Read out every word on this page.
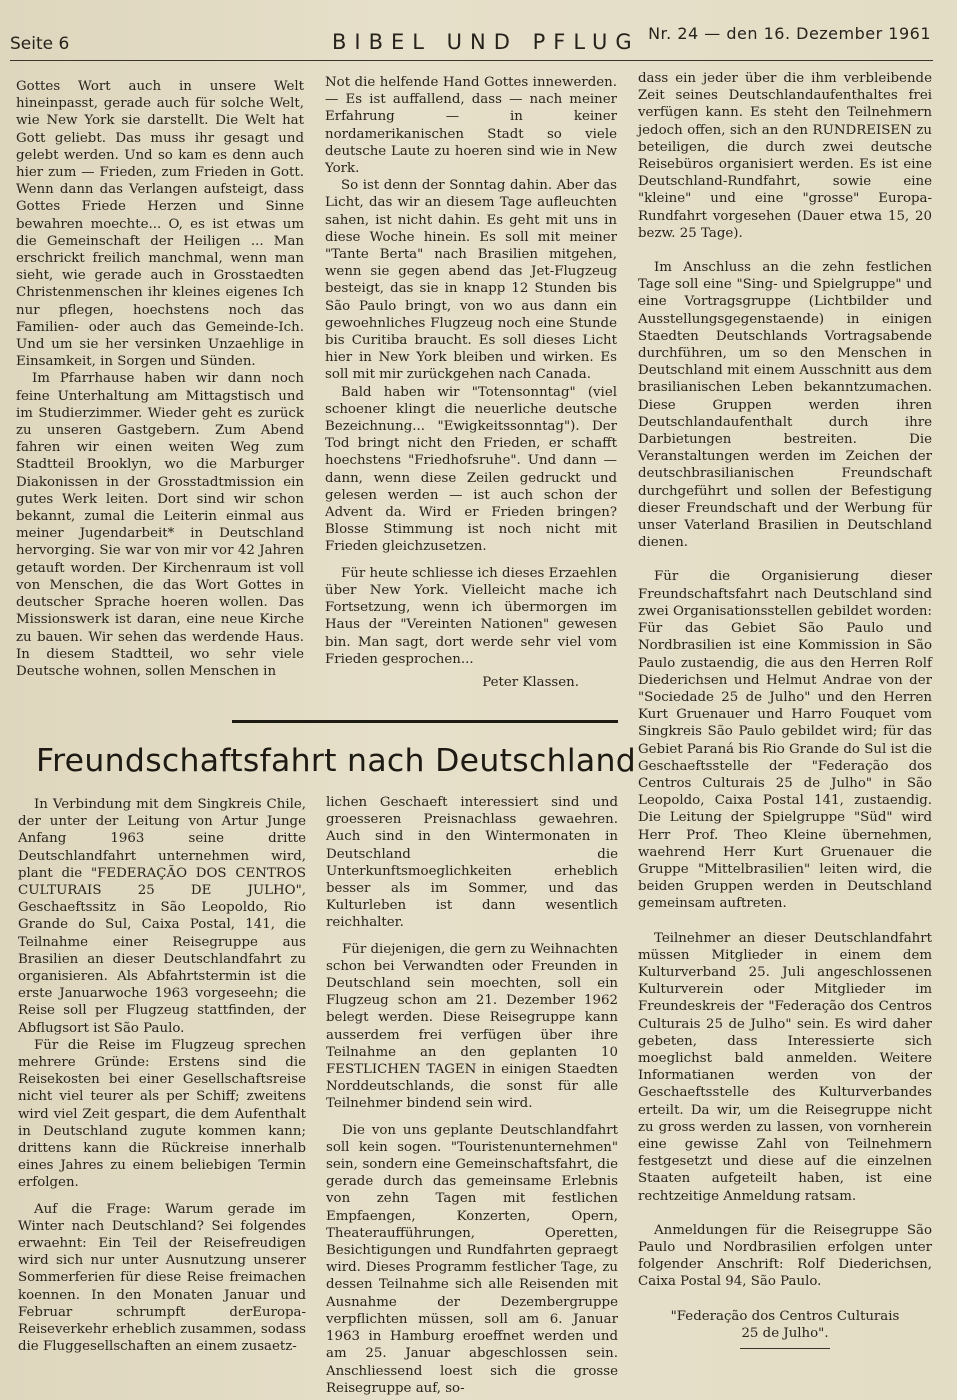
Seite 6	BIBEL UND PFLUG Nr. 24 — den 16. Dezember 1961

Gottes Wort auch in unsere Welt hineinpasst, gerade auch für solche Welt, wie New York sie darstellt. Die Welt hat Gott geliebt. Das muss ihr gesagt und gelebt werden. Und so kam es denn auch hier zum — Frieden, zum Frieden in Gott. Wenn dann das Verlangen aufsteigt, dass Gottes Friede Herzen und Sinne bewahren moechte... O, es ist etwas um die Gemeinschaft der Heiligen ... Man erschrickt freilich manchmal, wenn man sieht, wie gerade auch in Grosstaedten Christenmenschen ihr kleines eigenes Ich nur pflegen, hoechstens noch das Familien- oder auch das Gemeinde-Ich. Und um sie her versinken Unzaehlige in Einsamkeit, in Sorgen und Sünden.

Im Pfarrhause haben wir dann noch feine Unterhaltung am Mittagstisch und im Studierzimmer. Wieder geht es zurück zu unseren Gastgebern. Zum Abend fahren wir einen weiten Weg zum Stadtteil Brooklyn, wo die Marburger Diakonissen in der Grosstadtmission ein gutes Werk leiten. Dort sind wir schon bekannt, zumal die Leiterin einmal aus meiner Jugendarbeit* in Deutschland hervorging. Sie war von mir vor 42 Jahren getauft worden. Der Kirchenraum ist voll von Menschen, die das Wort Gottes in deutscher Sprache hoeren wollen. Das Missionswerk ist daran, eine neue Kirche zu bauen. Wir sehen das werdende Haus. In diesem Stadtteil, wo sehr viele Deutsche wohnen, sollen Menschen in

Not die helfende Hand Gottes innewerden. — Es ist auffallend, dass — nach meiner Erfahrung — in keiner nordamerikanischen Stadt so viele deutsche Laute zu hoeren sind wie in New York.

So ist denn der Sonntag dahin. Aber das Licht, das wir an diesem Tage aufleuchten sahen, ist nicht dahin. Es geht mit uns in diese Woche hinein. Es soll mit meiner "Tante Berta" nach Brasilien mitgehen, wenn sie gegen abend das Jet-Flugzeug besteigt, das sie in knapp 12 Stunden bis São Paulo bringt, von wo aus dann ein gewoehnliches Flugzeug noch eine Stunde bis Curitiba braucht. Es soll dieses Licht hier in New York bleiben und wirken. Es soll mit mir zurückgehen nach Canada.

Bald haben wir "Totensonntag" (viel schoener klingt die neuerliche deutsche Bezeichnung... "Ewigkeitssonntag"). Der Tod bringt nicht den Frieden, er schafft hoechstens "Friedhofsruhe". Und dann — dann, wenn diese Zeilen gedruckt und gelesen werden — ist auch schon der Advent da. Wird er Frieden bringen? Blosse Stimmung ist noch nicht mit Frieden gleichzusetzen.

Für heute schliesse ich dieses Erzaehlen über New York. Vielleicht mache ich Fortsetzung, wenn ich übermorgen im Haus der "Vereinten Nationen" gewesen bin. Man sagt, dort werde sehr viel vom Frieden gesprochen...

Peter Klassen.
Freundschaftsfahrt nach Deutschland

In Verbindung mit dem Singkreis Chile, der unter der Leitung von Artur Junge Anfang 1963 seine dritte Deutschlandfahrt unternehmen wird, plant die "FEDERAÇÃO DOS CENTROS CULTURAIS 25 DE JULHO", Geschaeftssitz in São Leopoldo, Rio Grande do Sul, Caixa Postal, 141, die Teilnahme einer Reisegruppe aus Brasilien an dieser Deutschlandfahrt zu organisieren. Als Abfahrtstermin ist die erste Januarwoche 1963 vorgeseehn; die Reise soll per Flugzeug stattfinden, der Abflugsort ist São Paulo.

Für die Reise im Flugzeug sprechen mehrere Gründe: Erstens sind die Reisekosten bei einer Gesellschaftsreise nicht viel teurer als per Schiff; zweitens wird viel Zeit gespart, die dem Aufenthalt in Deutschland zugute kommen kann; drittens kann die Rückreise innerhalb eines Jahres zu einem beliebigen Termin erfolgen.

Auf die Frage: Warum gerade im Winter nach Deutschland? Sei folgendes erwaehnt: Ein Teil der Reisefreudigen wird sich nur unter Ausnutzung unserer Sommerferien für diese Reise freimachen koennen. In den Monaten Januar und Februar schrumpft derEuropa-Reiseverkehr erheblich zusammen, sodass die Fluggesellschaften an einem zusaetz-

lichen Geschaeft interessiert sind und groesseren Preisnachlass gewaehren. Auch sind in den Wintermonaten in Deutschland die Unterkunftsmoeglichkeiten erheblich besser als im Sommer, und das Kulturleben ist dann wesentlich reichhalter.

Für diejenigen, die gern zu Weihnachten schon bei Verwandten oder Freunden in Deutschland sein moechten, soll ein Flugzeug schon am 21. Dezember 1962 belegt werden. Diese Reisegruppe kann ausserdem frei verfügen über ihre Teilnahme an den geplanten 10 FESTLICHEN TAGEN in einigen Staedten Norddeutschlands, die sonst für alle Teilnehmer bindend sein wird.

Die von uns geplante Deutschlandfahrt soll kein sogen. "Touristenunternehmen" sein, sondern eine Gemeinschaftsfahrt, die gerade durch das gemeinsame Erlebnis von zehn Tagen mit festlichen Empfaengen, Konzerten, Opern, Theateraufführungen, Operetten, Besichtigungen und Rundfahrten gepraegt wird. Dieses Programm festlicher Tage, zu dessen Teilnahme sich alle Reisenden mit Ausnahme der Dezembergruppe verpflichten müssen, soll am 6. Januar 1963 in Hamburg eroeffnet werden und am 25. Januar abgeschlossen sein. Anschliessend loest sich die grosse Reisegruppe auf, so-

dass ein jeder über die ihm verbleibende Zeit seines Deutschlandaufenthaltes frei verfügen kann. Es steht den Teilnehmern jedoch offen, sich an den RUNDREISEN zu beteiligen, die durch zwei deutsche Reisebüros organisiert werden. Es ist eine Deutschland-Rundfahrt, sowie eine "kleine" und eine "grosse" Europa-Rundfahrt vorgesehen (Dauer etwa 15, 20 bezw. 25 Tage).

Im Anschluss an die zehn festlichen Tage soll eine "Sing- und Spielgruppe" und eine Vortragsgruppe (Lichtbilder und Ausstellungsgegenstaende) in einigen Staedten Deutschlands Vortragsabende durchführen, um so den Menschen in Deutschland mit einem Ausschnitt aus dem brasilianischen Leben bekanntzumachen. Diese Gruppen werden ihren Deutschlandaufenthalt durch ihre Darbietungen bestreiten. Die Veranstaltungen werden im Zeichen der deutschbrasilianischen Freundschaft durchgeführt und sollen der Befestigung dieser Freundschaft und der Werbung für unser Vaterland Brasilien in Deutschland dienen.

Für die Organisierung dieser Freundschaftsfahrt nach Deutschland sind zwei Organisationsstellen gebildet worden: Für das Gebiet São Paulo und Nordbrasilien ist eine Kommission in São Paulo zustaendig, die aus den Herren Rolf Diederichsen und Helmut Andrae von der "Sociedade 25 de Julho" und den Herren Kurt Gruenauer und Harro Fouquet vom Singkreis São Paulo gebildet wird; für das Gebiet Paraná bis Rio Grande do Sul ist die Geschaeftsstelle der "Federação dos Centros Culturais 25 de Julho" in São Leopoldo, Caixa Postal 141, zustaendig. Die Leitung der Spielgruppe "Süd" wird Herr Prof. Theo Kleine übernehmen, waehrend Herr Kurt Gruenauer die Gruppe "Mittelbrasilien" leiten wird, die beiden Gruppen werden in Deutschland gemeinsam auftreten.

Teilnehmer an dieser Deutschlandfahrt müssen Mitglieder in einem dem Kulturverband 25. Juli angeschlossenen Kulturverein oder Mitglieder im Freundeskreis der "Federação dos Centros Culturais 25 de Julho" sein. Es wird daher gebeten, dass Interessierte sich moeglichst bald anmelden. Weitere Informatianen werden von der Geschaeftsstelle des Kulturverbandes erteilt. Da wir, um die Reisegruppe nicht zu gross werden zu lassen, von vornherein eine gewisse Zahl von Teilnehmern festgesetzt und diese auf die einzelnen Staaten aufgeteilt haben, ist eine rechtzeitige Anmeldung ratsam.

Anmeldungen für die Reisegruppe São Paulo und Nordbrasilien erfolgen unter folgender Anschrift: Rolf Diederichsen, Caixa Postal 94, São Paulo.

"Federação dos Centros Culturais

25 de Julho".
